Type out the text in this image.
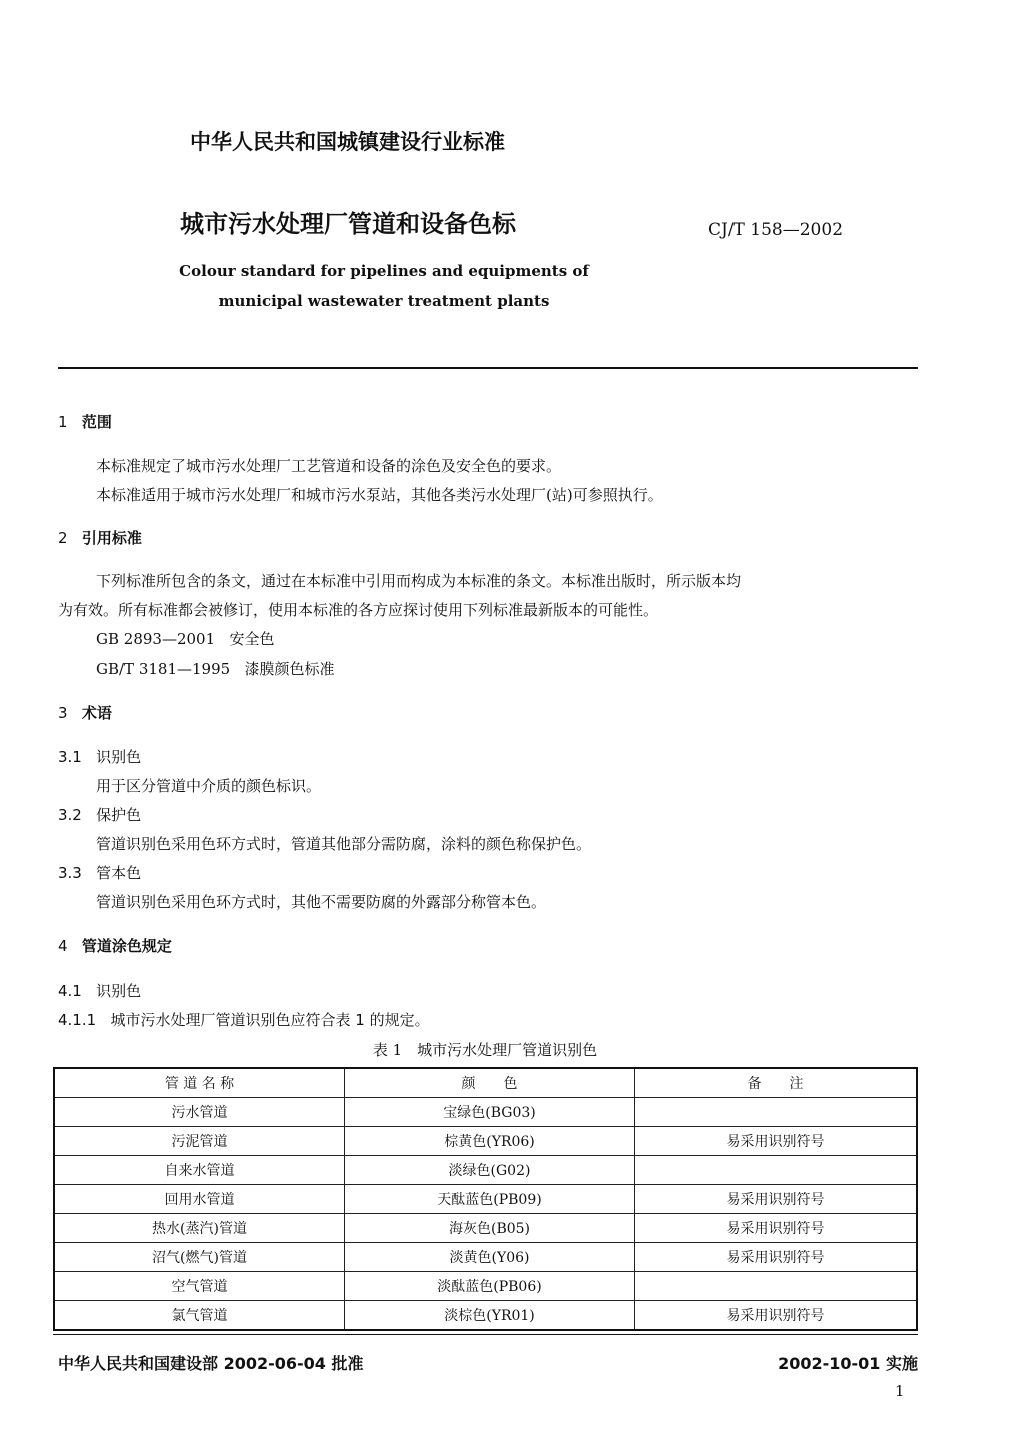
中华人民共和国城镇建设行业标准
城市污水处理厂管道和设备色标	CJ/T 158—2002
Colour standard for pipelines and equipments of
municipal wastewater treatment plants
1 范围
本标准规定了城市污水处理厂工艺管道和设备的涂色及安全色的要求。
本标准适用于城市污水处理厂和城市污水泵站，其他各类污水处理厂(站)可参照执行。
2 引用标准
下列标准所包含的条文，通过在本标准中引用而构成为本标准的条文。本标准出版时，所示版本均
为有效。所有标准都会被修订，使用本标准的各方应探讨使用下列标准最新版本的可能性。
GB 2893—2001 安全色
GB/T 3181—1995 漆膜颜色标准
3 术语
3.1 识别色
用于区分管道中介质的颜色标识。
3.2 保护色
管道识别色采用色环方式时，管道其他部分需防腐，涂料的颜色称保护色。
3.3 管本色
管道识别色采用色环方式时，其他不需要防腐的外露部分称管本色。
4 管道涂色规定
4.1 识别色
4.1.1 城市污水处理厂管道识别色应符合表 1 的规定。
表 1　城市污水处理厂管道识别色
管 道 名 称	颜　　色	备　　注
污水管道	宝绿色(BG03)	
污泥管道	棕黄色(YR06)	易采用识别符号
自来水管道	淡绿色(G02)	
回用水管道	天酞蓝色(PB09)	易采用识别符号
热水(蒸汽)管道	海灰色(B05)	易采用识别符号
沼气(燃气)管道	淡黄色(Y06)	易采用识别符号
空气管道	淡酞蓝色(PB06)	
氯气管道	淡棕色(YR01)	易采用识别符号
中华人民共和国建设部 2002-06-04 批准	2002-10-01 实施
1
